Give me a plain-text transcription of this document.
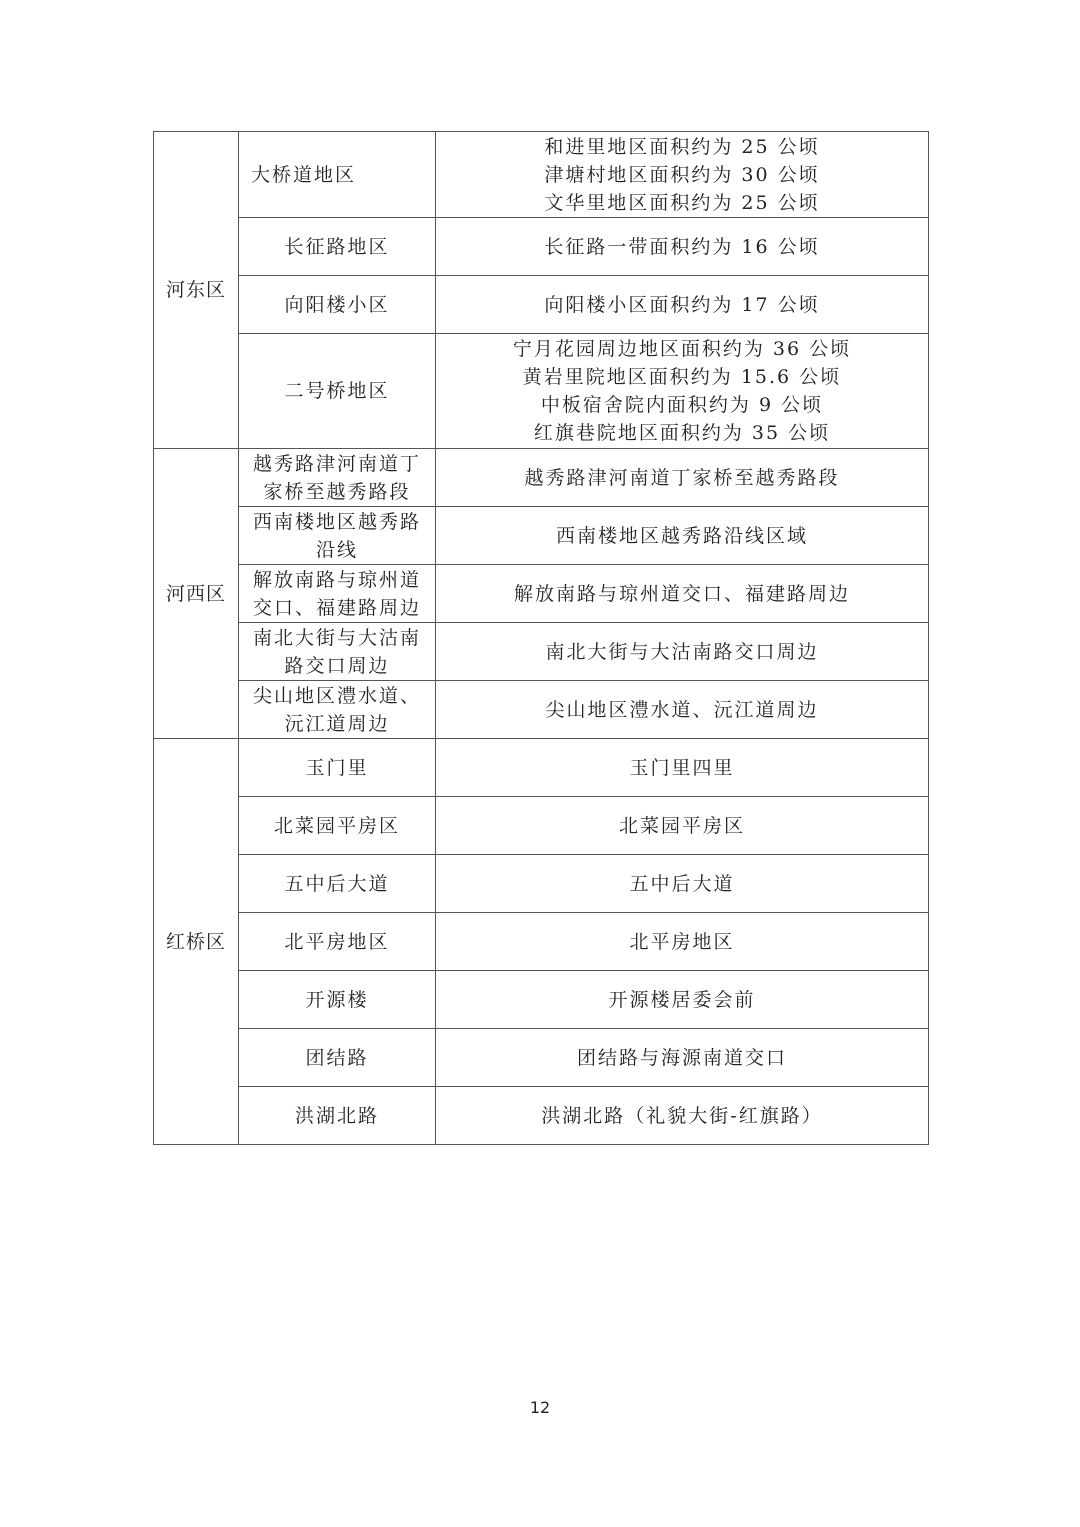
河东区	大桥道地区	和进里地区面积约为 25 公顷
津塘村地区面积约为 30 公顷
文华里地区面积约为 25 公顷

	长征路地区	长征路一带面积约为 16 公顷

	向阳楼小区	向阳楼小区面积约为 17 公顷

	二号桥地区	宁月花园周边地区面积约为 36 公顷
黄岩里院地区面积约为 15.6 公顷
中板宿舍院内面积约为 9 公顷
红旗巷院地区面积约为 35 公顷

河西区	越秀路津河南道丁家桥至越秀路段	越秀路津河南道丁家桥至越秀路段

	西南楼地区越秀路沿线	西南楼地区越秀路沿线区域

	解放南路与琼州道交口、福建路周边	解放南路与琼州道交口、福建路周边

	南北大街与大沽南路交口周边	南北大街与大沽南路交口周边

	尖山地区澧水道、沅江道周边	尖山地区澧水道、沅江道周边

红桥区	玉门里	玉门里四里

	北菜园平房区	北菜园平房区

	五中后大道	五中后大道

	北平房地区	北平房地区

	开源楼	开源楼居委会前

	团结路	团结路与海源南道交口

	洪湖北路	洪湖北路（礼貌大街-红旗路）
12
